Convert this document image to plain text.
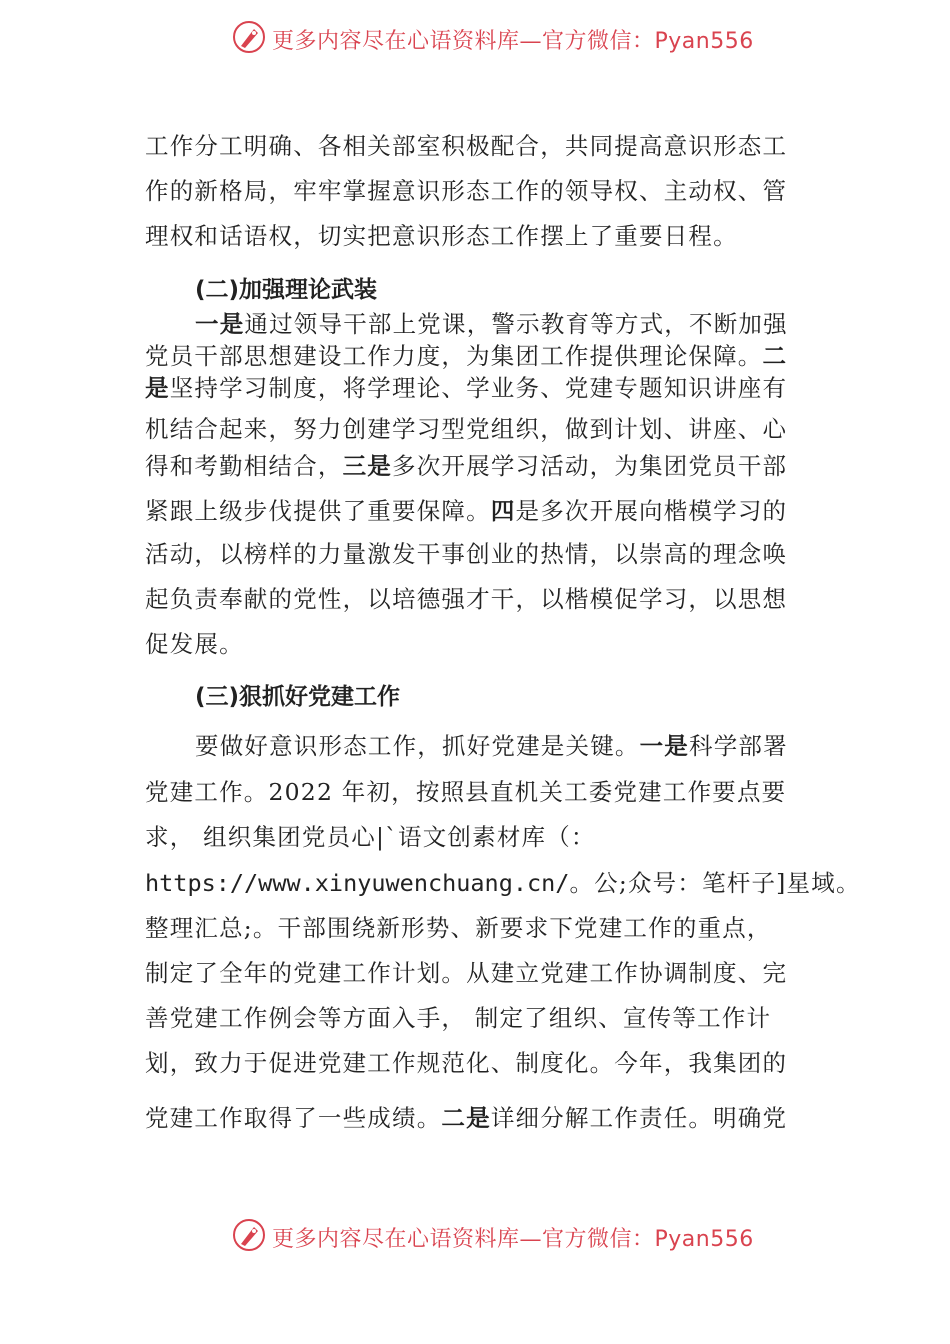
更多内容尽在心语资料库—官方微信：Pyan556
工作分工明确、各相关部室积极配合，共同提高意识形态工
作的新格局，牢牢掌握意识形态工作的领导权、主动权、管
理权和话语权，切实把意识形态工作摆上了重要日程。
(二)加强理论武装
一是通过领导干部上党课，警示教育等方式，不断加强
党员干部思想建设工作力度，为集团工作提供理论保障。二
是坚持学习制度，将学理论、学业务、党建专题知识讲座有
机结合起来，努力创建学习型党组织，做到计划、讲座、心
得和考勤相结合，三是多次开展学习活动，为集团党员干部
紧跟上级步伐提供了重要保障。四是多次开展向楷模学习的
活动，以榜样的力量激发干事创业的热情，以崇高的理念唤
起负责奉献的党性，以培德强才干，以楷模促学习，以思想
促发展。
(三)狠抓好党建工作
要做好意识形态工作，抓好党建是关键。一是科学部署
党建工作。2022 年初，按照县直机关工委党建工作要点要
求， 组织集团党员心|`语文创素材库（：
https://www.xinyuwenchuang.cn/。公;众号：笔杆子]星域。
整理汇总;。干部围绕新形势、新要求下党建工作的重点，
制定了全年的党建工作计划。从建立党建工作协调制度、完
善党建工作例会等方面入手， 制定了组织、宣传等工作计
划，致力于促进党建工作规范化、制度化。今年，我集团的
党建工作取得了一些成绩。二是详细分解工作责任。明确党
更多内容尽在心语资料库—官方微信：Pyan556
